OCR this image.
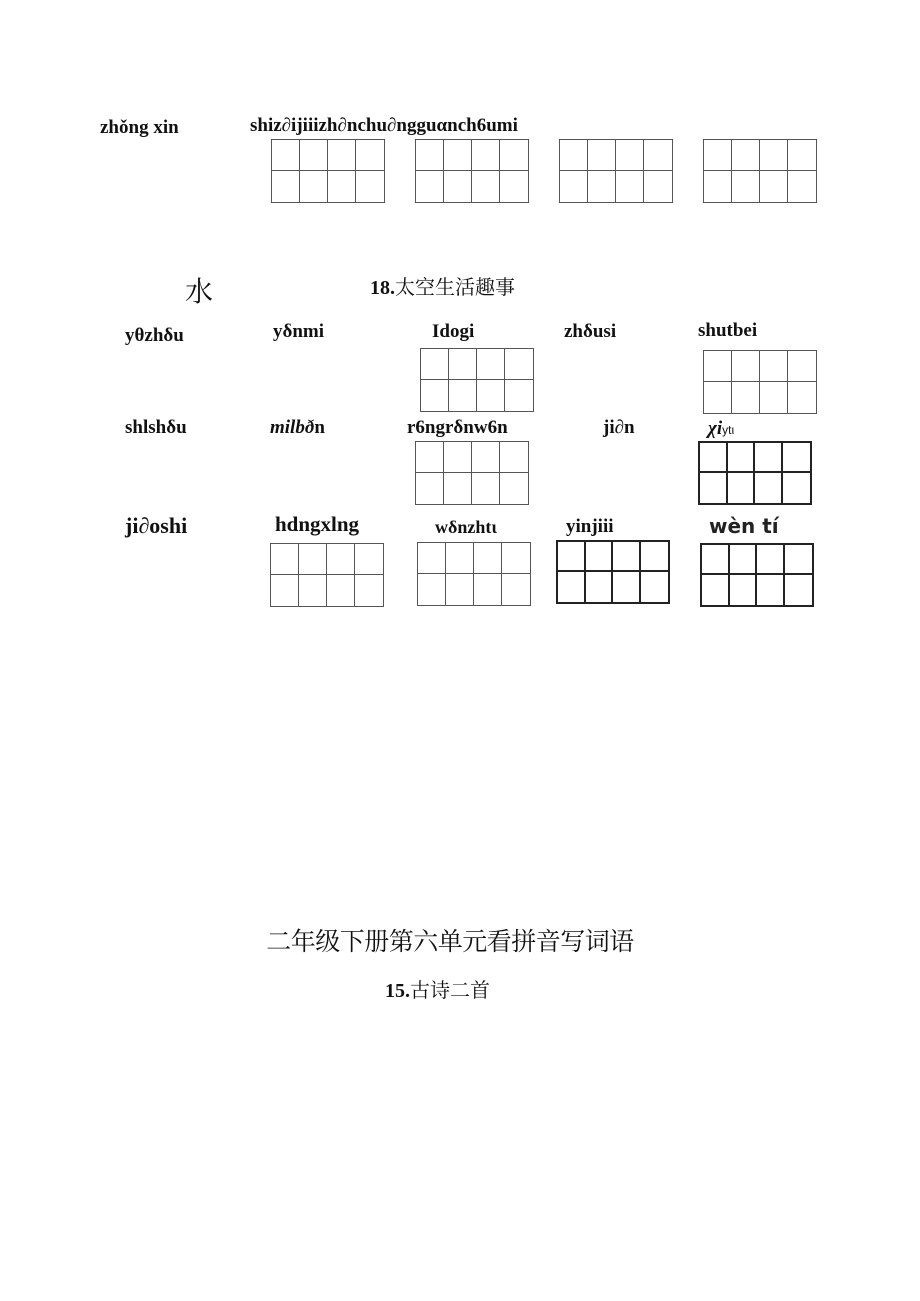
zhǒng xin	shiz∂ijiiizh∂nchu∂ngguαnch6umi
水	18.太空生活趣事
yθzhδu	yδnmi	Idogi	zhδusi	shutbei
shlshδu	milbðn	r6ngrδnw6n	ji∂n	χiytι
ji∂oshi	hdngxlng	wδnzhtι	yinjiii	wèn tí
二年级下册第六单元看拼音写词语
15.古诗二首
